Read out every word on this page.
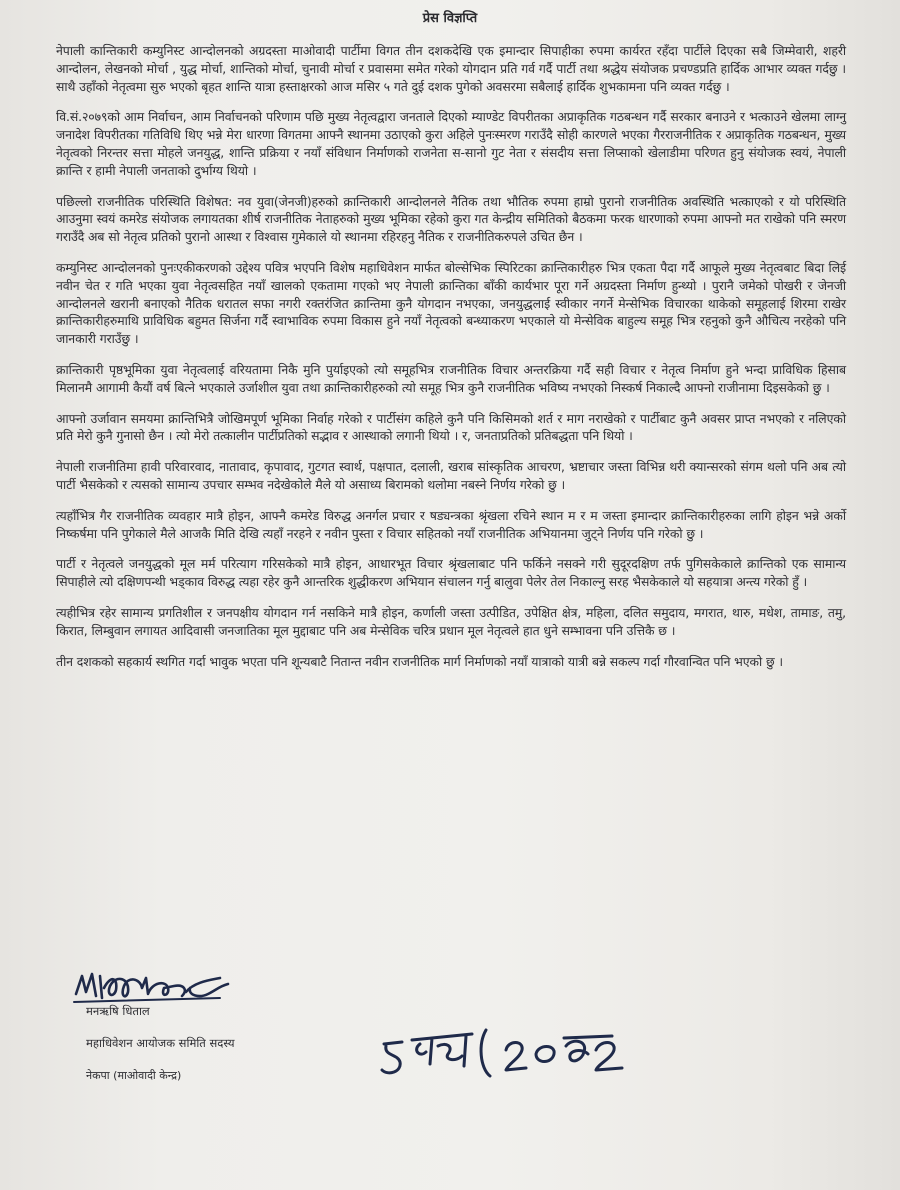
प्रेस विज्ञप्ति

नेपाली कान्तिकारी कम्युनिस्ट आन्दोलनको अग्रदस्ता माओवादी पार्टीमा विगत तीन दशकदेखि एक इमान्दार सिपाहीका रुपमा कार्यरत रहँदा पार्टीले दिएका सबै जिम्मेवारी, शहरी आन्दोलन, लेखनको मोर्चा , युद्ध मोर्चा, शान्तिको मोर्चा, चुनावी मोर्चा र प्रवासमा समेत गरेको योगदान प्रति गर्व गर्दै पार्टी तथा श्रद्धेय संयोजक प्रचण्डप्रति हार्दिक आभार व्यक्त गर्दछु । साथै उहाँको नेतृत्वमा सुरु भएको बृहत शान्ति यात्रा हस्ताक्षरको आज मसिर ५ गते दुई दशक पुगेको अवसरमा सबैलाई हार्दिक शुभकामना पनि व्यक्त गर्दछु ।

वि.सं.२०७९को आम निर्वाचन, आम निर्वाचनको परिणाम पछि मुख्य नेतृत्वद्वारा जनताले दिएको म्याण्डेट विपरीतका अप्राकृतिक गठबन्धन गर्दै सरकार बनाउने र भत्काउने खेलमा लाग्नु जनादेश विपरीतका गतिविधि थिए भन्ने मेरा धारणा विगतमा आफ्नै स्थानमा उठाएको कुरा अहिले पुनःस्मरण गराउँदै सोही कारणले भएका गैरराजनीतिक र अप्राकृतिक गठबन्धन, मुख्य नेतृत्वको निरन्तर सत्ता मोहले जनयुद्ध, शान्ति प्रक्रिया र नयाँ संविधान निर्माणको राजनेता स-सानो गुट नेता र संसदीय सत्ता लिप्साको खेलाडीमा परिणत हुनु संयोजक स्वयं, नेपाली क्रान्ति र हामी नेपाली जनताको दुर्भाग्य थियो ।

पछिल्लो राजनीतिक परिस्थिति विशेषत: नव युवा(जेनजी)हरुको क्रान्तिकारी आन्दोलनले नैतिक तथा भौतिक रुपमा हाम्रो पुरानो राजनीतिक अवस्थिति भत्काएको र यो परिस्थिति आउनुमा स्वयं कमरेड संयोजक लगायतका शीर्ष राजनीतिक नेताहरुको मुख्य भूमिका रहेको कुरा गत केन्द्रीय समितिको बैठकमा फरक धारणाको रुपमा आफ्नो मत राखेको पनि स्मरण गराउँदै अब सो नेतृत्व प्रतिको पुरानो आस्था र विश्वास गुमेकाले यो स्थानमा रहिरहनु नैतिक र राजनीतिकरुपले उचित छैन ।

कम्युनिस्ट आन्दोलनको पुनःएकीकरणको उद्देश्य पवित्र भएपनि विशेष महाधिवेशन मार्फत बोल्सेभिक स्पिरिटका क्रान्तिकारीहरु भित्र एकता पैदा गर्दै आफूले मुख्य नेतृत्वबाट बिदा लिई नवीन चेत र गति भएका युवा नेतृत्वसहित नयाँ खालको एकतामा गएको भए नेपाली क्रान्तिका बाँकी कार्यभार पूरा गर्ने अग्रदस्ता निर्माण हुन्थ्यो । पुरानै जमेको पोखरी र जेनजी आन्दोलनले खरानी बनाएको नैतिक धरातल सफा नगरी रक्तरंजित क्रान्तिमा कुनै योगदान नभएका, जनयुद्धलाई स्वीकार नगर्ने मेन्सेभिक विचारका थाकेको समूहलाई शिरमा राखेर क्रान्तिकारीहरुमाथि प्राविधिक बहुमत सिर्जना गर्दै स्वाभाविक रुपमा विकास हुने नयाँ नेतृत्वको बन्ध्याकरण भएकाले यो मेन्सेविक बाहुल्य समूह भित्र रहनुको कुनै औचित्य नरहेको पनि जानकारी गराउँछु ।

क्रान्तिकारी पृष्ठभूमिका युवा नेतृत्वलाई वरियतामा निकै मुनि पुर्याइएको त्यो समूहभित्र राजनीतिक विचार अन्तरक्रिया गर्दै सही विचार र नेतृत्व निर्माण हुने भन्दा प्राविधिक हिसाब मिलानमै आगामी कैयौं वर्ष बित्ने भएकाले उर्जाशील युवा तथा क्रान्तिकारीहरुको त्यो समूह भित्र कुनै राजनीतिक भविष्य नभएको निस्कर्ष निकाल्दै आफ्नो राजीनामा दिइसकेको छु ।

आफ्नो उर्जावान समयमा क्रान्तिभित्रै जोखिमपूर्ण भूमिका निर्वाह गरेको र पार्टीसंग कहिले कुनै पनि किसिमको शर्त र माग नराखेको र पार्टीबाट कुनै अवसर प्राप्त नभएको र नलिएको प्रति मेरो कुनै गुनासो छैन । त्यो मेरो तत्कालीन पार्टीप्रतिको सद्भाव र आस्थाको लगानी थियो । र, जनताप्रतिको प्रतिबद्धता पनि थियो ।

नेपाली राजनीतिमा हावी परिवारवाद, नातावाद, कृपावाद, गुटगत स्वार्थ, पक्षपात, दलाली, खराब सांस्कृतिक आचरण, भ्रष्टाचार जस्ता विभिन्न थरी क्यान्सरको संगम थलो पनि अब त्यो पार्टी भैसकेको र त्यसको सामान्य उपचार सम्भव नदेखेकोले मैले यो असाध्य बिरामको थलोमा नबस्ने निर्णय गरेको छु ।

त्यहाँभित्र गैर राजनीतिक व्यवहार मात्रै होइन, आफ्नै कमरेड विरुद्ध अनर्गल प्रचार र षड्यन्त्रका श्रृंखला रचिने स्थान म र म जस्ता इमान्दार क्रान्तिकारीहरुका लागि होइन भन्ने अर्को निष्कर्षमा पनि पुगेकाले मैले आजकै मिति देखि त्यहाँ नरहने र नवीन पुस्ता र विचार सहितको नयाँ राजनीतिक अभियानमा जुट्ने निर्णय पनि गरेको छु ।

पार्टी र नेतृत्वले जनयुद्धको मूल मर्म परित्याग गरिसकेको मात्रै होइन, आधारभूत विचार श्रृंखलाबाट पनि फर्किने नसक्ने गरी सुदूरदक्षिण तर्फ पुगिसकेकाले क्रान्तिको एक सामान्य सिपाहीले त्यो दक्षिणपन्थी भड्काव विरुद्ध त्यहा रहेर कुनै आन्तरिक शुद्धीकरण अभियान संचालन गर्नु बालुवा पेलेर तेल निकाल्नु सरह भैसकेकाले यो सहयात्रा अन्त्य गरेको हुँ ।

त्यहीभित्र रहेर सामान्य प्रगतिशील र जनपक्षीय योगदान गर्न नसकिने मात्रै होइन, कर्णाली जस्ता उत्पीडित, उपेक्षित क्षेत्र, महिला, दलित समुदाय, मगरात, थारु, मधेश, तामाङ, तमु, किरात, लिम्बुवान लगायत आदिवासी जनजातिका मूल मुद्दाबाट पनि अब मेन्सेविक चरित्र प्रधान मूल नेतृत्वले हात धुने सम्भावना पनि उत्तिकै छ ।

तीन दशकको सहकार्य स्थगित गर्दा भावुक भएता पनि शून्यबाटै नितान्त नवीन राजनीतिक मार्ग निर्माणको नयाँ यात्राको यात्री बन्ने सकल्प गर्दा गौरवान्वित पनि भएको छु ।

मनऋषि धिताल
महाधिवेशन आयोजक समिति सदस्य
नेकपा (माओवादी केन्द्र)
